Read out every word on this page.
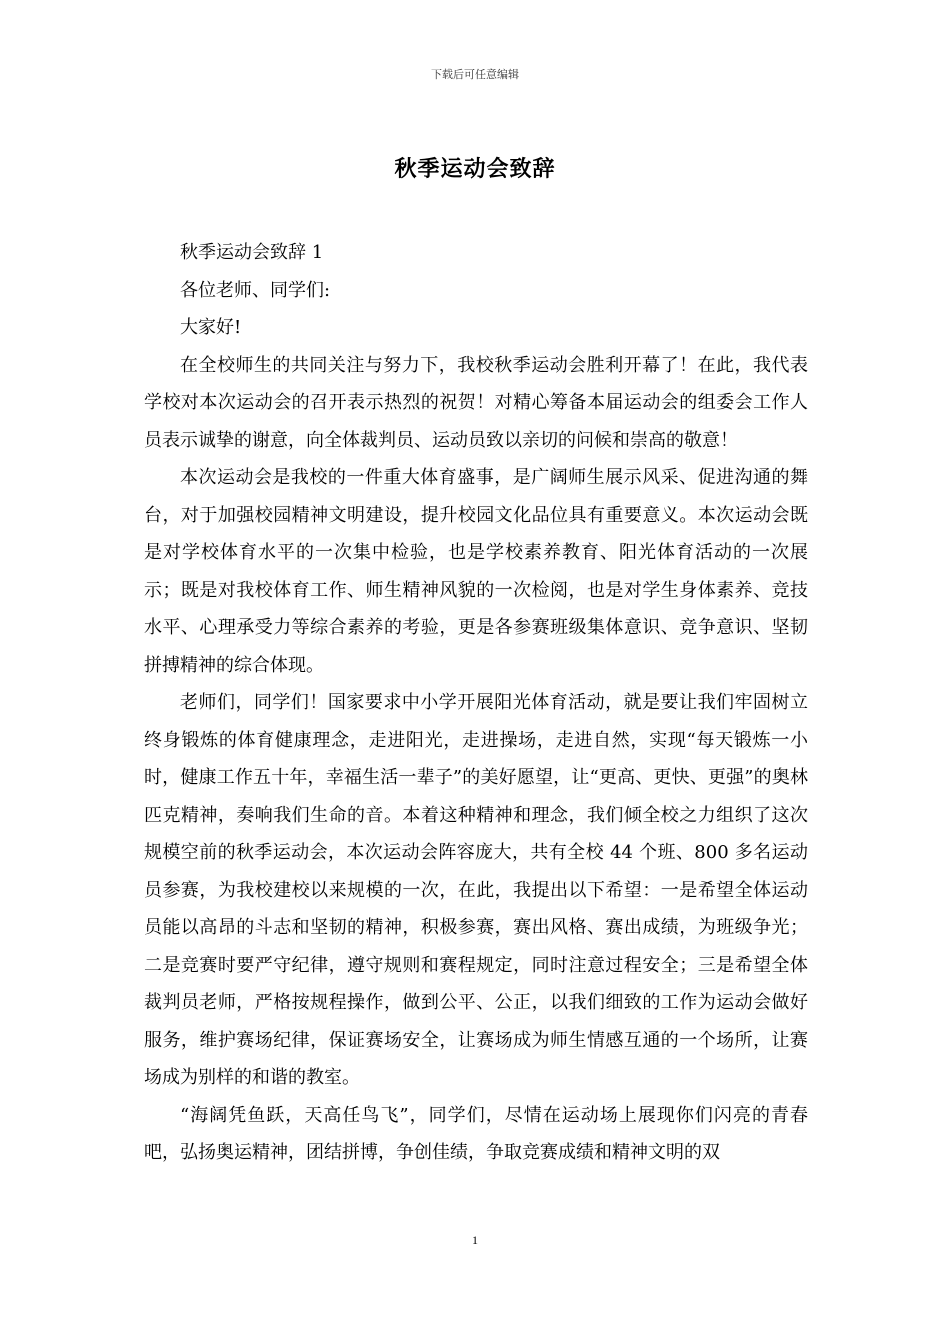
下载后可任意编辑
秋季运动会致辞

秋季运动会致辞 1

各位老师、同学们:

大家好!

在全校师生的共同关注与努力下，我校秋季运动会胜利开幕了！在此，我代表学校对本次运动会的召开表示热烈的祝贺！对精心筹备本届运动会的组委会工作人员表示诚挚的谢意，向全体裁判员、运动员致以亲切的问候和崇高的敬意！

本次运动会是我校的一件重大体育盛事，是广阔师生展示风采、促进沟通的舞台，对于加强校园精神文明建设，提升校园文化品位具有重要意义。本次运动会既是对学校体育水平的一次集中检验，也是学校素养教育、阳光体育活动的一次展示；既是对我校体育工作、师生精神风貌的一次检阅，也是对学生身体素养、竞技水平、心理承受力等综合素养的考验，更是各参赛班级集体意识、竞争意识、坚韧拼搏精神的综合体现。

老师们，同学们！国家要求中小学开展阳光体育活动，就是要让我们牢固树立终身锻炼的体育健康理念，走进阳光，走进操场，走进自然，实现“每天锻炼一小时，健康工作五十年，幸福生活一辈子”的美好愿望，让“更高、更快、更强”的奥林匹克精神，奏响我们生命的音。本着这种精神和理念，我们倾全校之力组织了这次规模空前的秋季运动会，本次运动会阵容庞大，共有全校 44 个班、800 多名运动员参赛，为我校建校以来规模的一次，在此，我提出以下希望：一是希望全体运动员能以高昂的斗志和坚韧的精神，积极参赛，赛出风格、赛出成绩，为班级争光；二是竞赛时要严守纪律，遵守规则和赛程规定，同时注意过程安全；三是希望全体裁判员老师，严格按规程操作，做到公平、公正，以我们细致的工作为运动会做好服务，维护赛场纪律，保证赛场安全，让赛场成为师生情感互通的一个场所，让赛场成为别样的和谐的教室。

“海阔凭鱼跃，天高任鸟飞”，同学们，尽情在运动场上展现你们闪亮的青春吧，弘扬奥运精神，团结拼博，争创佳绩，争取竞赛成绩和精神文明的双

1
